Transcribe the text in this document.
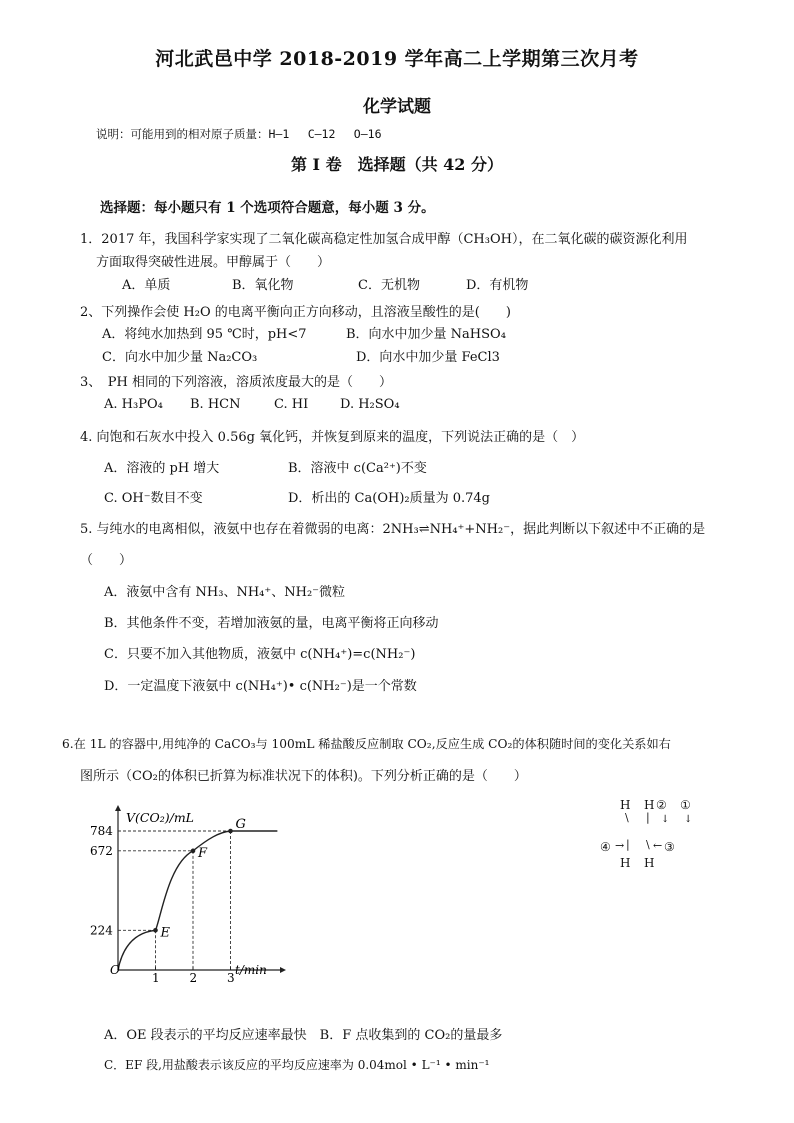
河北武邑中学 2018-2019 学年高二上学期第三次月考
化学试题
说明：可能用到的相对原子质量：H—1　 C—12　 O—16
第 I 卷　选择题（共 42 分）
选择题：每小题只有 1 个选项符合题意，每小题 3 分。
1．2017 年，我国科学家实现了二氧化碳高稳定性加氢合成甲醇（CH₃OH），在二氧化碳的碳资源化利用
方面取得突破性进展。甲醇属于（　　）
A．单质	B．氧化物	C．无机物	D．有机物
2、下列操作会使 H₂O 的电离平衡向正方向移动，且溶液呈酸性的是(　　)
A．将纯水加热到 95 ℃时，pH<7	B．向水中加少量 NaHSO₄
C．向水中加少量 Na₂CO₃	D．向水中加少量 FeCl3
3、　PH 相同的下列溶液，溶质浓度最大的是（　　）
A. H₃PO₄ B. HCN	C. HI D. H₂SO₄
4. 向饱和石灰水中投入 0.56g 氧化钙，并恢复到原来的温度，下列说法正确的是（　）
A．溶液的 pH 增大	B．溶液中 c(Ca²⁺)不变
C. OH⁻数目不变	D．析出的 Ca(OH)₂质量为 0.74g
5. 与纯水的电离相似，液氨中也存在着微弱的电离：2NH₃⇌NH₄⁺+NH₂⁻，据此判断以下叙述中不正确的是
（　　）
A．液氨中含有 NH₃、NH₄⁺、NH₂⁻微粒
B．其他条件不变，若增加液氨的量，电离平衡将正向移动
C．只要不加入其他物质，液氨中 c(NH₄⁺)=c(NH₂⁻)
D．一定温度下液氨中 c(NH₄⁺)• c(NH₂⁻)是一个常数
6.在 1L 的容器中,用纯净的 CaCO₃与 100mL 稀盐酸反应制取 CO₂,反应生成 CO₂的体积随时间的变化关系如右
图所示（CO₂的体积已折算为标准状况下的体积)。下列分析正确的是（　　）
E
F
G
1 2 3
224
672
784
V(CO₂)/mL
t/min
O
H H ② ①
\ | ↓ ↓
④ → | \ ← ③
H H
A．OE 段表示的平均反应速率最快　B．F 点收集到的 CO₂的量最多
C．EF 段,用盐酸表示该反应的平均反应速率为 0.04mol • L⁻¹ • min⁻¹
